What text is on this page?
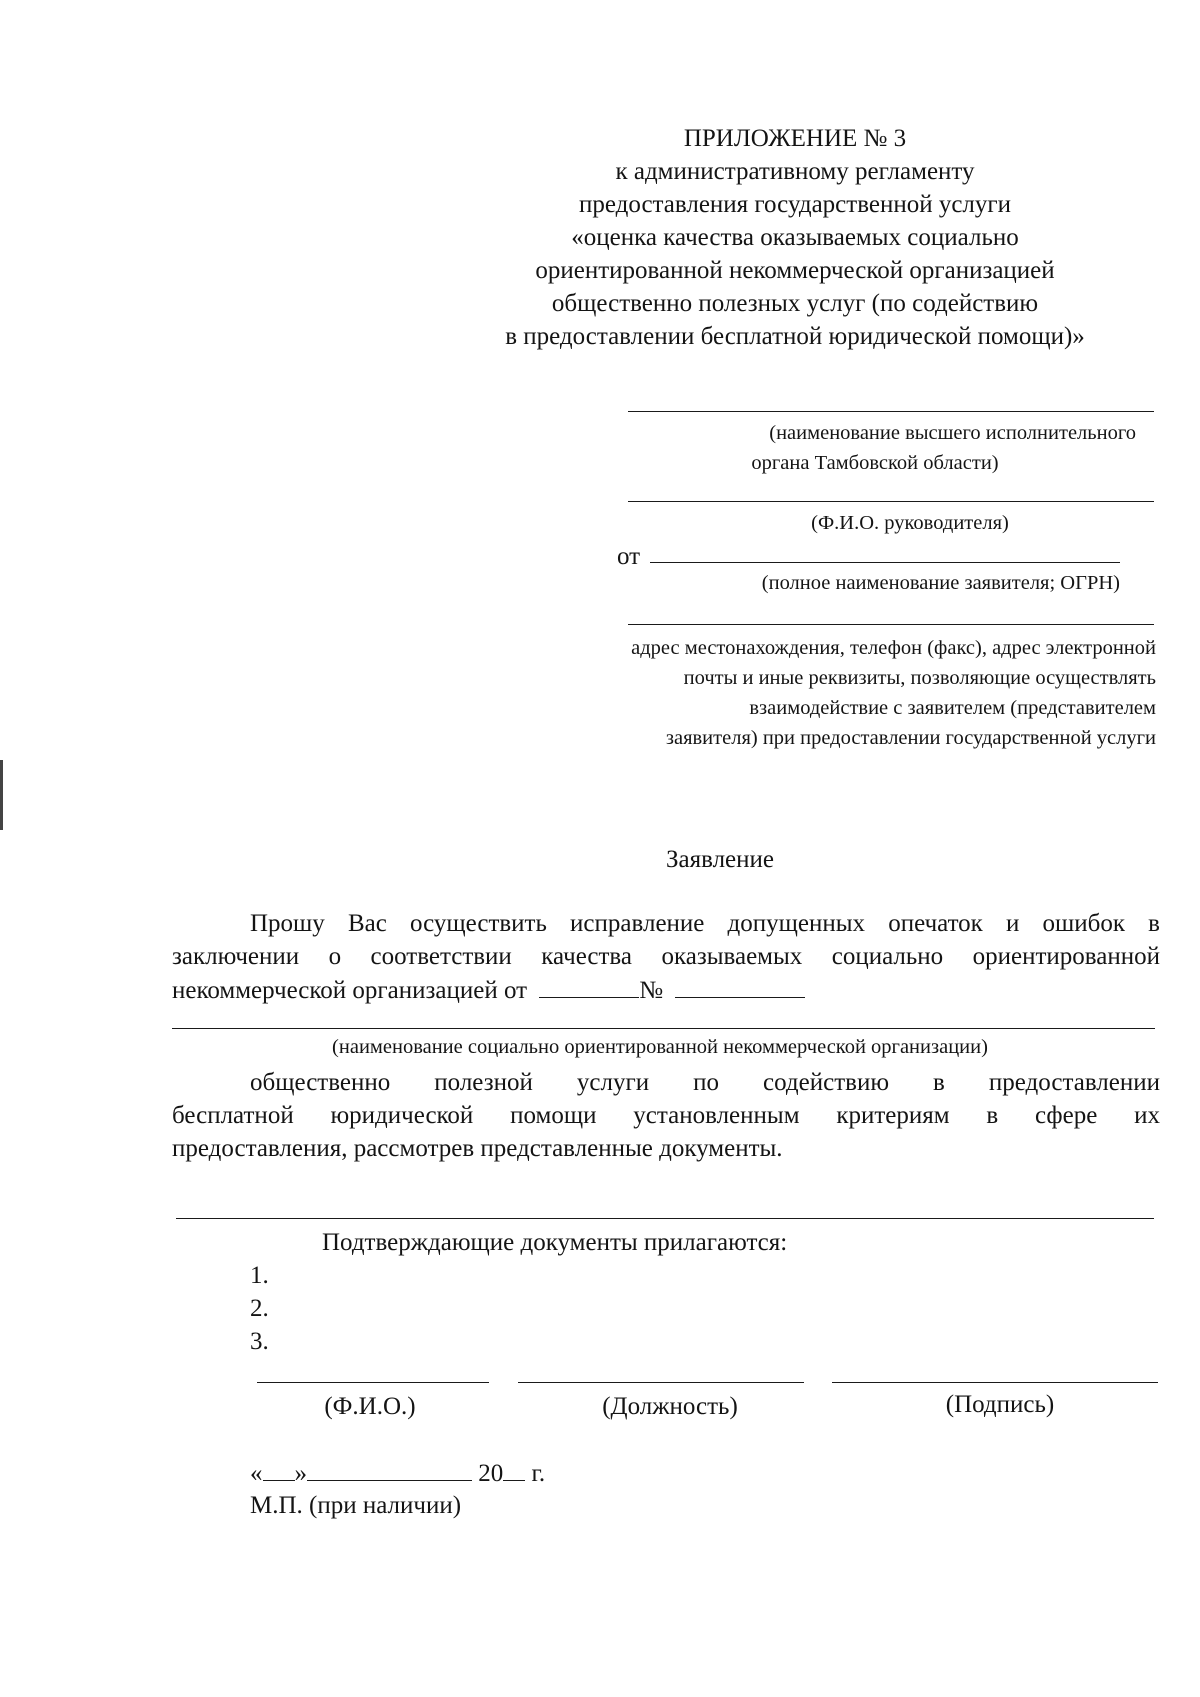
ПРИЛОЖЕНИЕ № 3
к административному регламенту
предоставления государственной услуги
«оценка качества оказываемых социально
ориентированной некоммерческой организацией
общественно полезных услуг (по содействию
в предоставлении бесплатной юридической помощи)»
(наименование высшего исполнительного
органа Тамбовской области)
(Ф.И.О. руководителя)
от
(полное наименование заявителя; ОГРН)
адрес местонахождения, телефон (факс), адрес электронной
почты и иные реквизиты, позволяющие осуществлять
взаимодействие с заявителем (представителем
заявителя) при предоставлении государственной услуги
Заявление
Прошу Вас осуществить исправление допущенных опечаток и ошибок в
заключении о соответствии качества оказываемых социально ориентированной
некоммерческой организацией от	№
(наименование социально ориентированной некоммерческой организации)
общественно полезной услуги по содействию в предоставлении
бесплатной юридической помощи установленным критериям в сфере их
предоставления, рассмотрев представленные документы.
Подтверждающие документы прилагаются:
1.
2.
3.
(Ф.И.О.)	(Должность)	(Подпись)
« »	20 г.
М.П. (при наличии)
